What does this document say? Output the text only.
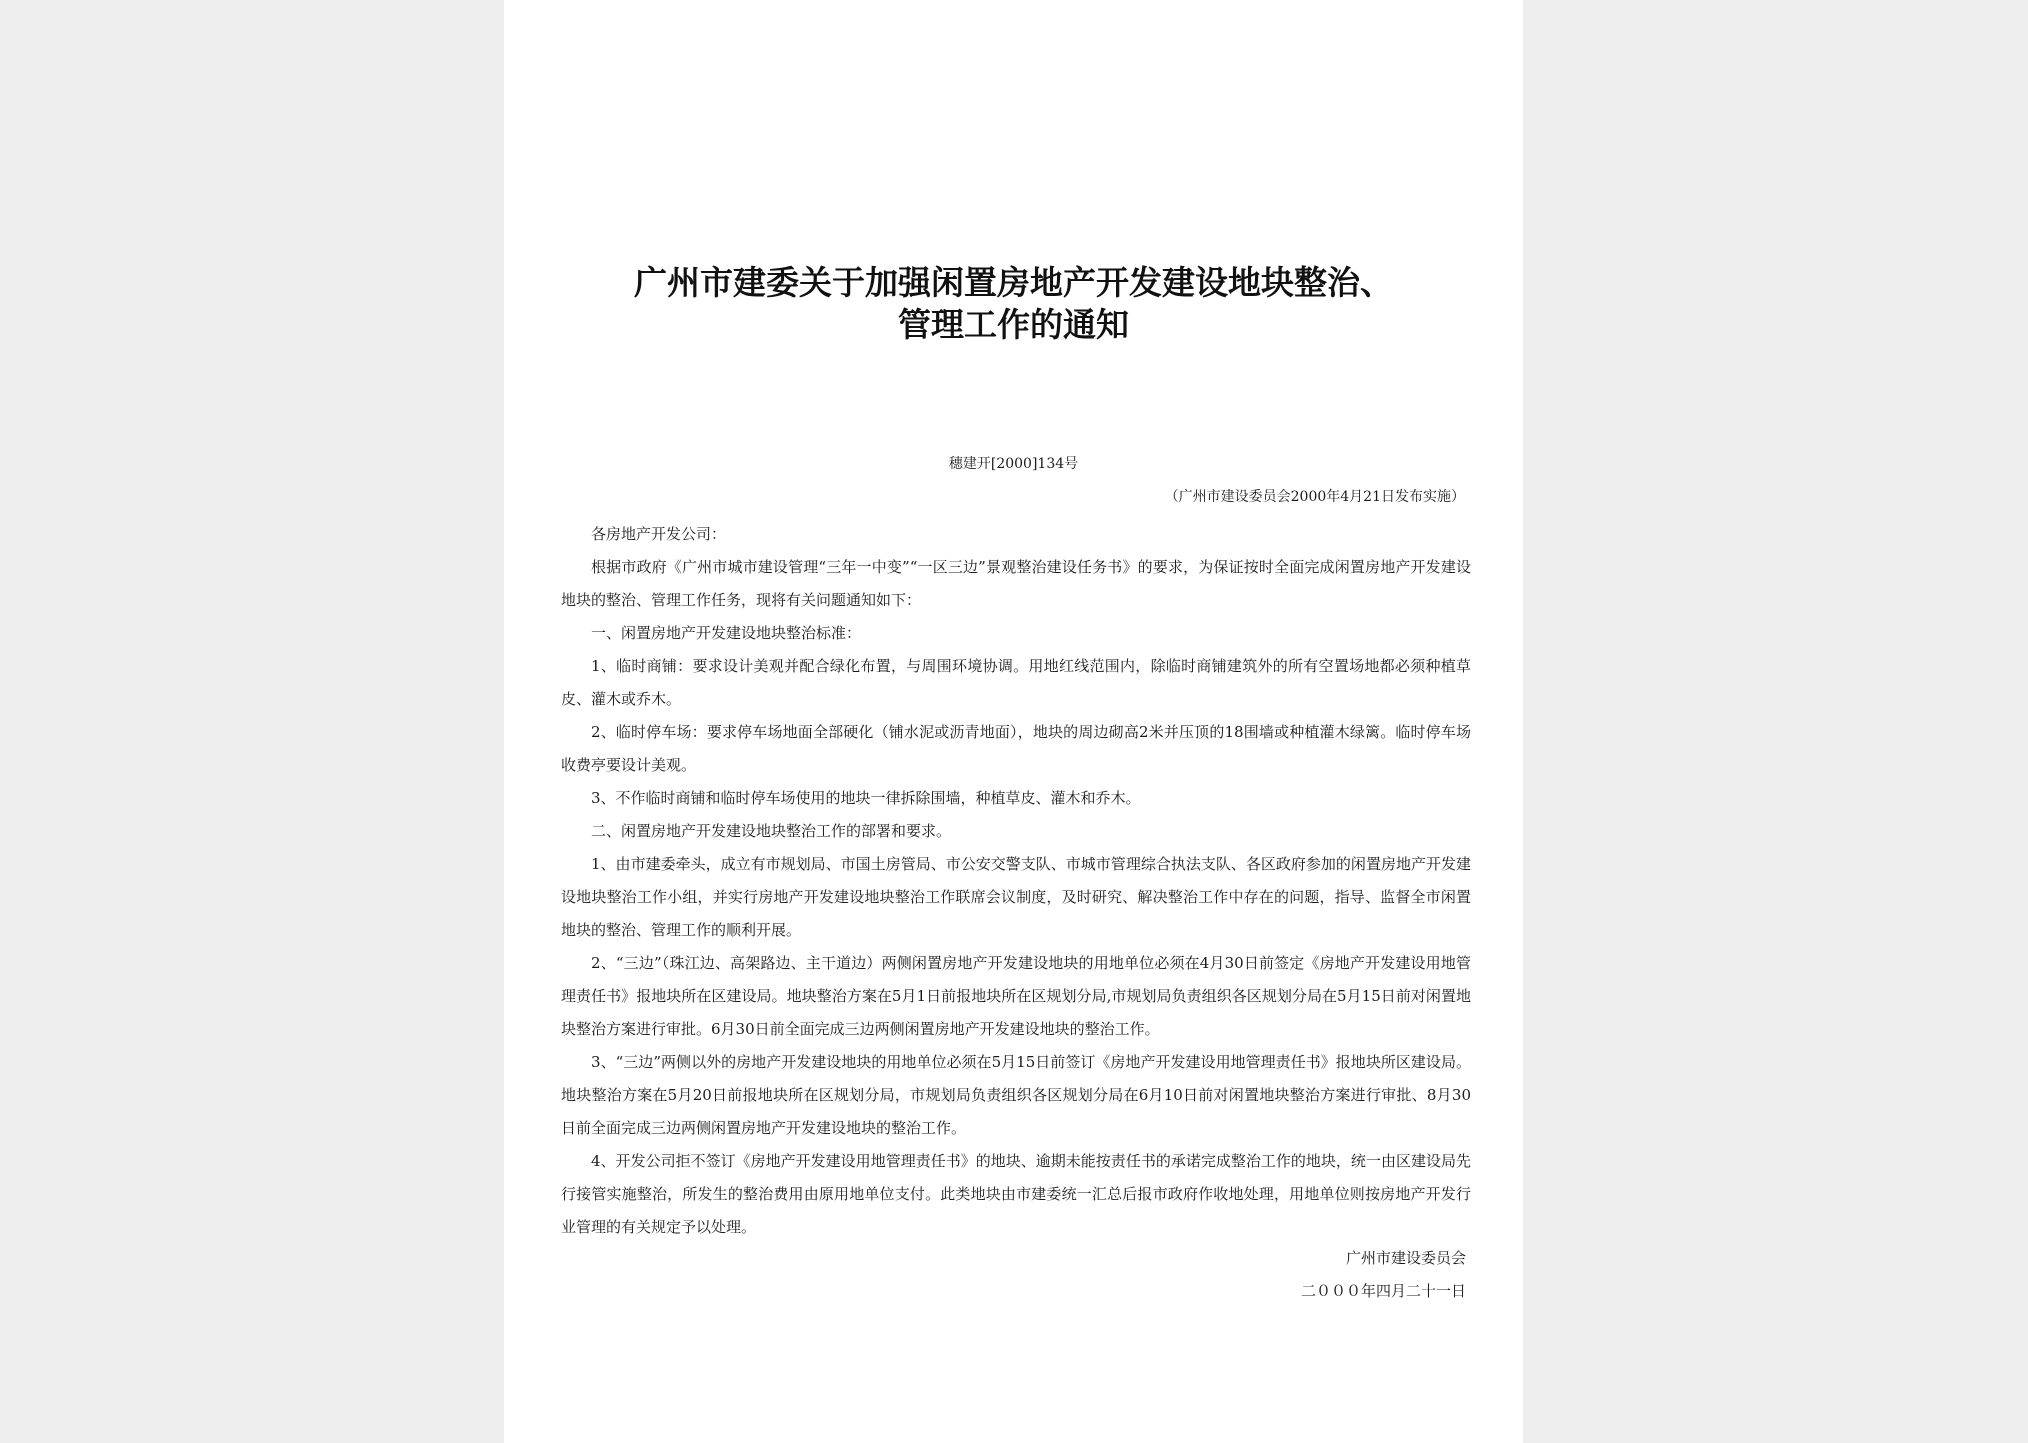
广州市建委关于加强闲置房地产开发建设地块整治、
管理工作的通知
穗建开[2000]134号
（广州市建设委员会2000年4月21日发布实施）

各房地产开发公司：

根据市政府《广州市城市建设管理“三年一中变”“一区三边”景观整治建设任务书》的要求，为保证按时全面完成闲置房地产开发建设地块的整治、管理工作任务，现将有关问题通知如下：

一、闲置房地产开发建设地块整治标准：

1、临时商铺：要求设计美观并配合绿化布置，与周围环境协调。用地红线范围内，除临时商铺建筑外的所有空置场地都必须种植草皮、灌木或乔木。

2、临时停车场：要求停车场地面全部硬化（铺水泥或沥青地面），地块的周边砌高2米并压顶的18围墙或种植灌木绿篱。临时停车场收费亭要设计美观。

3、不作临时商铺和临时停车场使用的地块一律拆除围墙，种植草皮、灌木和乔木。

二、闲置房地产开发建设地块整治工作的部署和要求。

1、由市建委牵头，成立有市规划局、市国土房管局、市公安交警支队、市城市管理综合执法支队、各区政府参加的闲置房地产开发建设地块整治工作小组，并实行房地产开发建设地块整治工作联席会议制度，及时研究、解决整治工作中存在的问题，指导、监督全市闲置地块的整治、管理工作的顺利开展。

2、“三边”（珠江边、高架路边、主干道边）两侧闲置房地产开发建设地块的用地单位必须在4月30日前签定《房地产开发建设用地管理责任书》报地块所在区建设局。地块整治方案在5月1日前报地块所在区规划分局,市规划局负责组织各区规划分局在5月15日前对闲置地块整治方案进行审批。6月30日前全面完成三边两侧闲置房地产开发建设地块的整治工作。

3、“三边”两侧以外的房地产开发建设地块的用地单位必须在5月15日前签订《房地产开发建设用地管理责任书》报地块所区建设局。地块整治方案在5月20日前报地块所在区规划分局，市规划局负责组织各区规划分局在6月10日前对闲置地块整治方案进行审批、8月30日前全面完成三边两侧闲置房地产开发建设地块的整治工作。

4、开发公司拒不签订《房地产开发建设用地管理责任书》的地块、逾期未能按责任书的承诺完成整治工作的地块，统一由区建设局先行接管实施整治，所发生的整治费用由原用地单位支付。此类地块由市建委统一汇总后报市政府作收地处理，用地单位则按房地产开发行业管理的有关规定予以处理。

广州市建设委员会
二０００年四月二十一日
